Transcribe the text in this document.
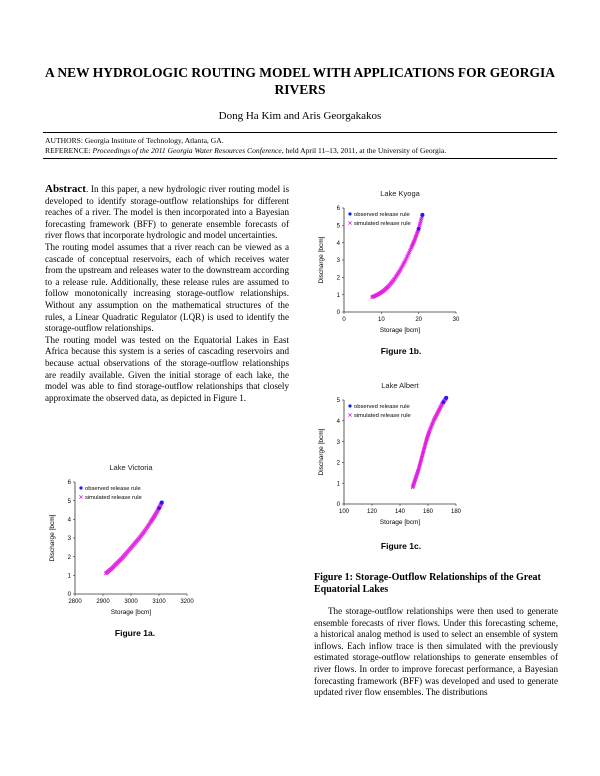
A NEW HYDROLOGIC ROUTING MODEL WITH APPLICATIONS FOR GEORGIA RIVERS
Dong Ha Kim and Aris Georgakakos
AUTHORS: Georgia Institute of Technology, Atlanta, GA.
REFERENCE: Proceedings of the 2011 Georgia Water Resources Conference, held April 11–13, 2011, at the University of Georgia.

Abstract. In this paper, a new hydrologic river routing model is developed to identify storage-outflow relationships for different reaches of a river. The model is then incorporated into a Bayesian forecasting framework (BFF) to generate ensemble forecasts of river flows that incorporate hydrologic and model uncertainties.

The routing model assumes that a river reach can be viewed as a cascade of conceptual reservoirs, each of which receives water from the upstream and releases water to the downstream according to a release rule. Additionally, these release rules are assumed to follow monotonically increasing storage-outflow relationships. Without any assumption on the mathematical structures of the rules, a Linear Quadratic Regulator (LQR) is used to identify the storage-outflow relationships.

The routing model was tested on the Equatorial Lakes in East Africa because this system is a series of cascading reservoirs and because actual observations of the storage-outflow relationships are readily available. Given the initial storage of each lake, the model was able to find storage-outflow relationships that closely approximate the observed data, as depicted in Figure 1.

Lake Victoria
0
1
2
3
4
5
6
2800 2900 3000 3100 3200
Storage [bcm]
Discharge [bcm]
observed release rule
simulated release rule
Figure 1a.
Lake Kyoga
0
1
2
3
4
5
6
0	10	20	30
Storage [bcm]
Discharge [bcm]
observed release rule
simulated release rule
Figure 1b.
Lake Albert
0
1
2
3
4
5
100	120	140	160	180
Storage [bcm]
Discharge [bcm]
observed release rule
simulated release rule
Figure 1c.
Figure 1: Storage-Outflow Relationships of the Great Equatorial Lakes
The storage-outflow relationships were then used to generate ensemble forecasts of river flows. Under this forecasting scheme, a historical analog method is used to select an ensemble of system inflows. Each inflow trace is then simulated with the previously estimated storage-outflow relationships to generate ensembles of river flows. In order to improve forecast performance, a Bayesian forecasting framework (BFF) was developed and used to generate updated river flow ensembles. The distributions
